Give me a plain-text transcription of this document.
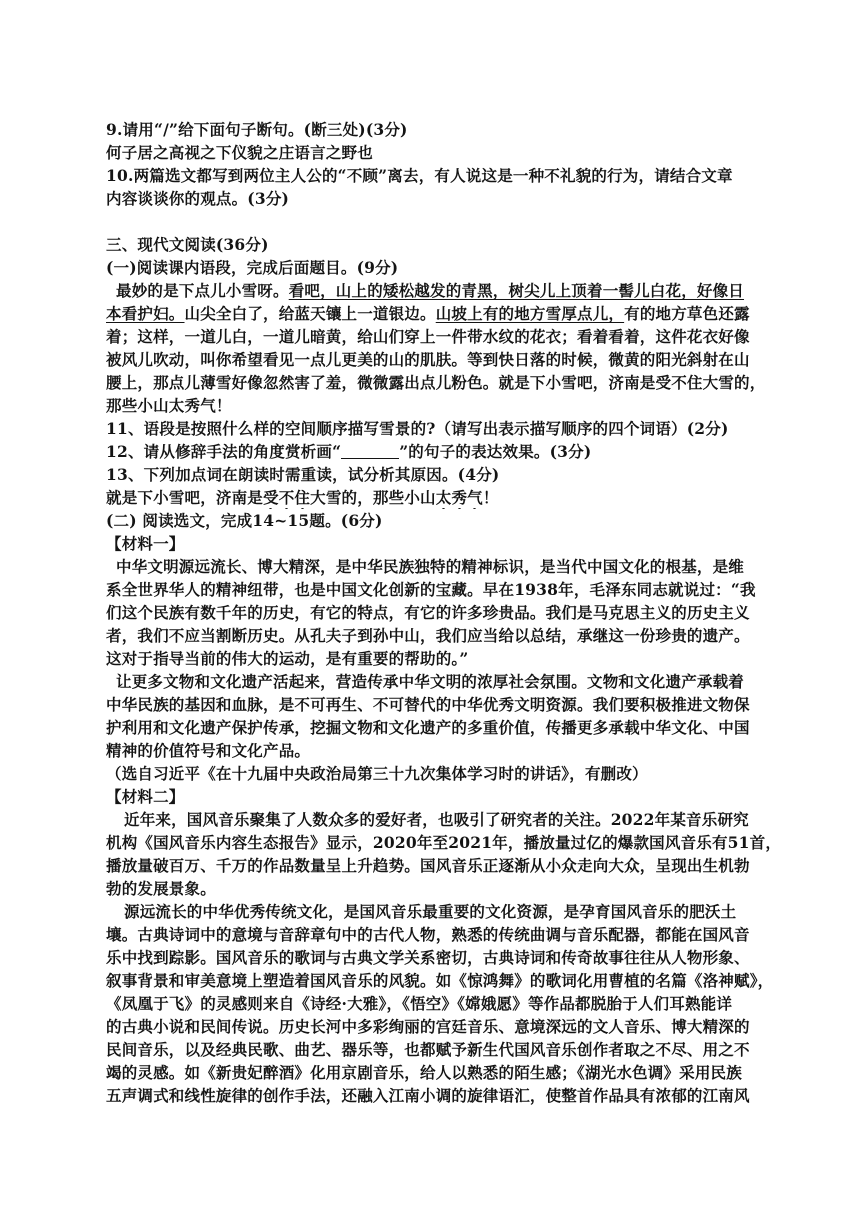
9.请用“/”给下面句子断句。(断三处)(3分)
何子居之高视之下仪貌之庄语言之野也
10.两篇选文都写到两位主人公的“不顾”离去，有人说这是一种不礼貌的行为，请结合文章
内容谈谈你的观点。(3分)
三、现代文阅读(36分)
(一)阅读课内语段，完成后面题目。(9分)
最妙的是下点儿小雪呀。看吧，山上的矮松越发的青黑，树尖儿上顶着一髻儿白花，好像日
本看护妇。山尖全白了，给蓝天镶上一道银边。山坡上有的地方雪厚点儿，有的地方草色还露
着；这样，一道儿白，一道儿暗黄，给山们穿上一件带水纹的花衣；看着看着，这件花衣好像
被风儿吹动，叫你希望看见一点儿更美的山的肌肤。等到快日落的时候，微黄的阳光斜射在山
腰上，那点儿薄雪好像忽然害了羞，微微露出点儿粉色。就是下小雪吧，济南是受不住大雪的，
那些小山太秀气！
11、语段是按照什么样的空间顺序描写雪景的?（请写出表示描写顺序的四个词语）(2分)
12、请从修辞手法的角度赏析画“	”的句子的表达效果。(3分)
13、下列加点词在朗读时需重读，试分析其原因。(4分)
就是下小雪吧，济南是受不住大雪的，那些小山太秀气！
(二) 阅读选文，完成14~15题。(6分)
【材料一】
中华文明源远流长、博大精深，是中华民族独特的精神标识，是当代中国文化的根基，是维
系全世界华人的精神纽带，也是中国文化创新的宝藏。早在1938年，毛泽东同志就说过：“我
们这个民族有数千年的历史，有它的特点，有它的许多珍贵品。我们是马克思主义的历史主义
者，我们不应当割断历史。从孔夫子到孙中山，我们应当给以总结，承继这一份珍贵的遗产。
这对于指导当前的伟大的运动，是有重要的帮助的。”
让更多文物和文化遗产活起来，营造传承中华文明的浓厚社会氛围。文物和文化遗产承载着
中华民族的基因和血脉，是不可再生、不可替代的中华优秀文明资源。我们要积极推进文物保
护利用和文化遗产保护传承，挖掘文物和文化遗产的多重价值，传播更多承载中华文化、中国
精神的价值符号和文化产品。
（选自习近平《在十九届中央政治局第三十九次集体学习时的讲话》，有删改）
【材料二】
近年来，国风音乐聚集了人数众多的爱好者，也吸引了研究者的关注。2022年某音乐研究
机构《国风音乐内容生态报告》显示，2020年至2021年，播放量过亿的爆款国风音乐有51首，
播放量破百万、千万的作品数量呈上升趋势。国风音乐正逐渐从小众走向大众，呈现出生机勃
勃的发展景象。
源远流长的中华优秀传统文化，是国风音乐最重要的文化资源，是孕育国风音乐的肥沃土
壤。古典诗词中的意境与音辞章句中的古代人物，熟悉的传统曲调与音乐配器，都能在国风音
乐中找到踪影。国风音乐的歌词与古典文学关系密切，古典诗词和传奇故事往往从人物形象、
叙事背景和审美意境上塑造着国风音乐的风貌。如《惊鸿舞》的歌词化用曹植的名篇《洛神赋》，
《凤凰于飞》的灵感则来自《诗经·大雅》，《悟空》《嫦娥愿》等作品都脱胎于人们耳熟能详
的古典小说和民间传说。历史长河中多彩绚丽的宫廷音乐、意境深远的文人音乐、博大精深的
民间音乐，以及经典民歌、曲艺、器乐等，也都赋予新生代国风音乐创作者取之不尽、用之不
竭的灵感。如《新贵妃醉酒》化用京剧音乐，给人以熟悉的陌生感；《湖光水色调》采用民族
五声调式和线性旋律的创作手法，还融入江南小调的旋律语汇，使整首作品具有浓郁的江南风
